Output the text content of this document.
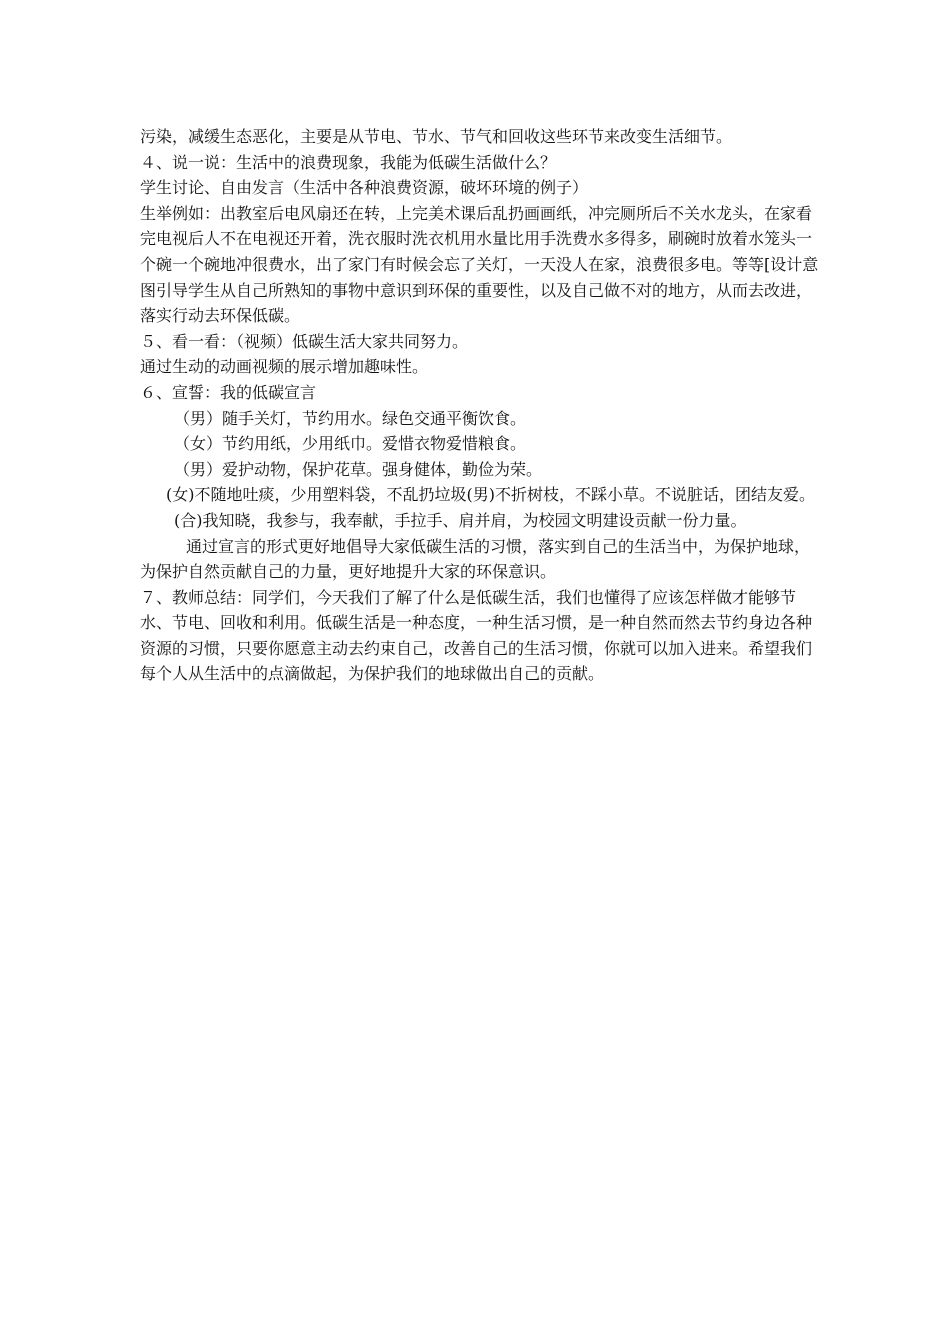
污染，减缓生态恶化，主要是从节电、节水、节气和回收这些环节来改变生活细节。

４、说一说：生活中的浪费现象，我能为低碳生活做什么？

学生讨论、自由发言（生活中各种浪费资源，破坏环境的例子）

生举例如：出教室后电风扇还在转，上完美术课后乱扔画画纸，冲完厕所后不关水龙头，在家看完电视后人不在电视还开着，洗衣服时洗衣机用水量比用手洗费水多得多，刷碗时放着水笼头一个碗一个碗地冲很费水，出了家门有时候会忘了关灯，一天没人在家，浪费很多电。等等[设计意图引导学生从自己所熟知的事物中意识到环保的重要性，以及自己做不对的地方，从而去改进，落实行动去环保低碳。

５、看一看：（视频）低碳生活大家共同努力。

通过生动的动画视频的展示增加趣味性。

６、宣誓：我的低碳宣言

（男）随手关灯，节约用水。绿色交通平衡饮食。

（女）节约用纸，少用纸巾。爱惜衣物爱惜粮食。

（男）爱护动物，保护花草。强身健体，勤俭为荣。

(女)不随地吐痰，少用塑料袋，不乱扔垃圾(男)不折树枝，不踩小草。不说脏话，团结友爱。

(合)我知晓，我参与，我奉献，手拉手、肩并肩，为校园文明建设贡献一份力量。

通过宣言的形式更好地倡导大家低碳生活的习惯，落实到自己的生活当中，为保护地球，为保护自然贡献自己的力量，更好地提升大家的环保意识。

７、教师总结：同学们，今天我们了解了什么是低碳生活，我们也懂得了应该怎样做才能够节水、节电、回收和利用。低碳生活是一种态度，一种生活习惯，是一种自然而然去节约身边各种资源的习惯，只要你愿意主动去约束自己，改善自己的生活习惯，你就可以加入进来。希望我们每个人从生活中的点滴做起，为保护我们的地球做出自己的贡献。
